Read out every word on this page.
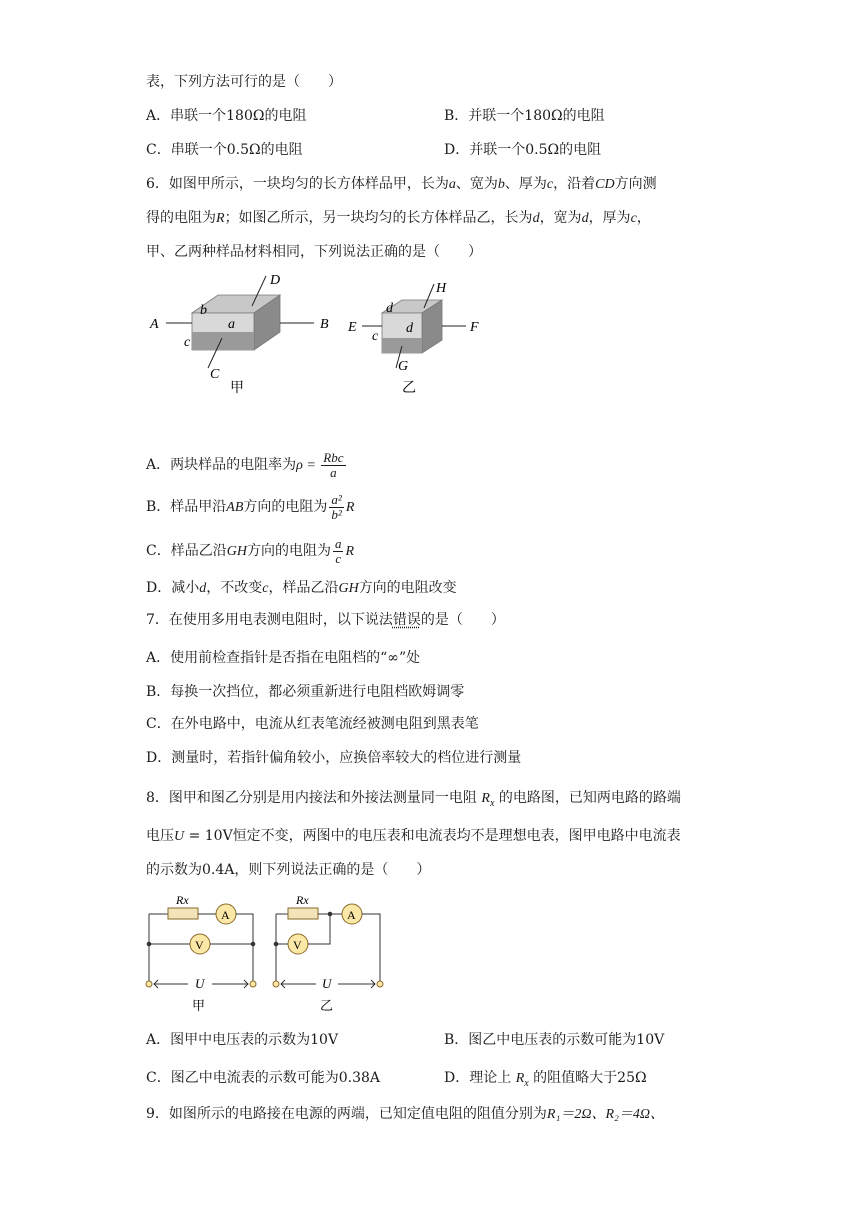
表，下列方法可行的是（　　）
A．串联一个180Ω的电阻	B．并联一个180Ω的电阻
C．串联一个0.5Ω的电阻	D．并联一个0.5Ω的电阻
6．如图甲所示，一块均匀的长方体样品甲，长为a、宽为b、厚为c，沿着CD方向测
得的电阻为R；如图乙所示，另一块均匀的长方体样品乙，长为d，宽为d，厚为c，
甲、乙两种样品材料相同，下列说法正确的是（　　）
A	B
D
C
b
a
c
甲
E	F
H
G
d
d
c
乙
A．两块样品的电阻率为$\rho = \frac{\text{Rbc}}{a}$
B．样品甲沿AB方向的电阻为 $\frac{\text{a²}}{\text{b²}}$ R
C．样品乙沿GH方向的电阻为 $\frac{a}{c}$ R
D．减小d，不改变c，样品乙沿GH方向的电阻改变
7．在使用多用电表测电阻时，以下说法错误的是（　　）
A．使用前检查指针是否指在电阻档的“∞”处
B．每换一次挡位，都必须重新进行电阻档欧姆调零
C．在外电路中，电流从红表笔流经被测电阻到黑表笔
D．测量时，若指针偏角较小，应换倍率较大的档位进行测量
8．图甲和图乙分别是用内接法和外接法测量同一电阻 $R_x$ 的电路图，已知两电路的路端
电压U = 10V恒定不变，两图中的电压表和电流表均不是理想电表，图甲电路中电流表
的示数为0.4A，则下列说法正确的是（　　）
Rx
A
V
U
甲
Rx
A
V
U
乙
A．图甲中电压表的示数为10V	B．图乙中电压表的示数可能为10V
C．图乙中电流表的示数可能为0.38A	D．理论上 $R_x$ 的阻值略大于25Ω
9．如图所示的电路接在电源的两端，已知定值电阻的阻值分别为R₁＝2Ω、R₂＝4Ω、
